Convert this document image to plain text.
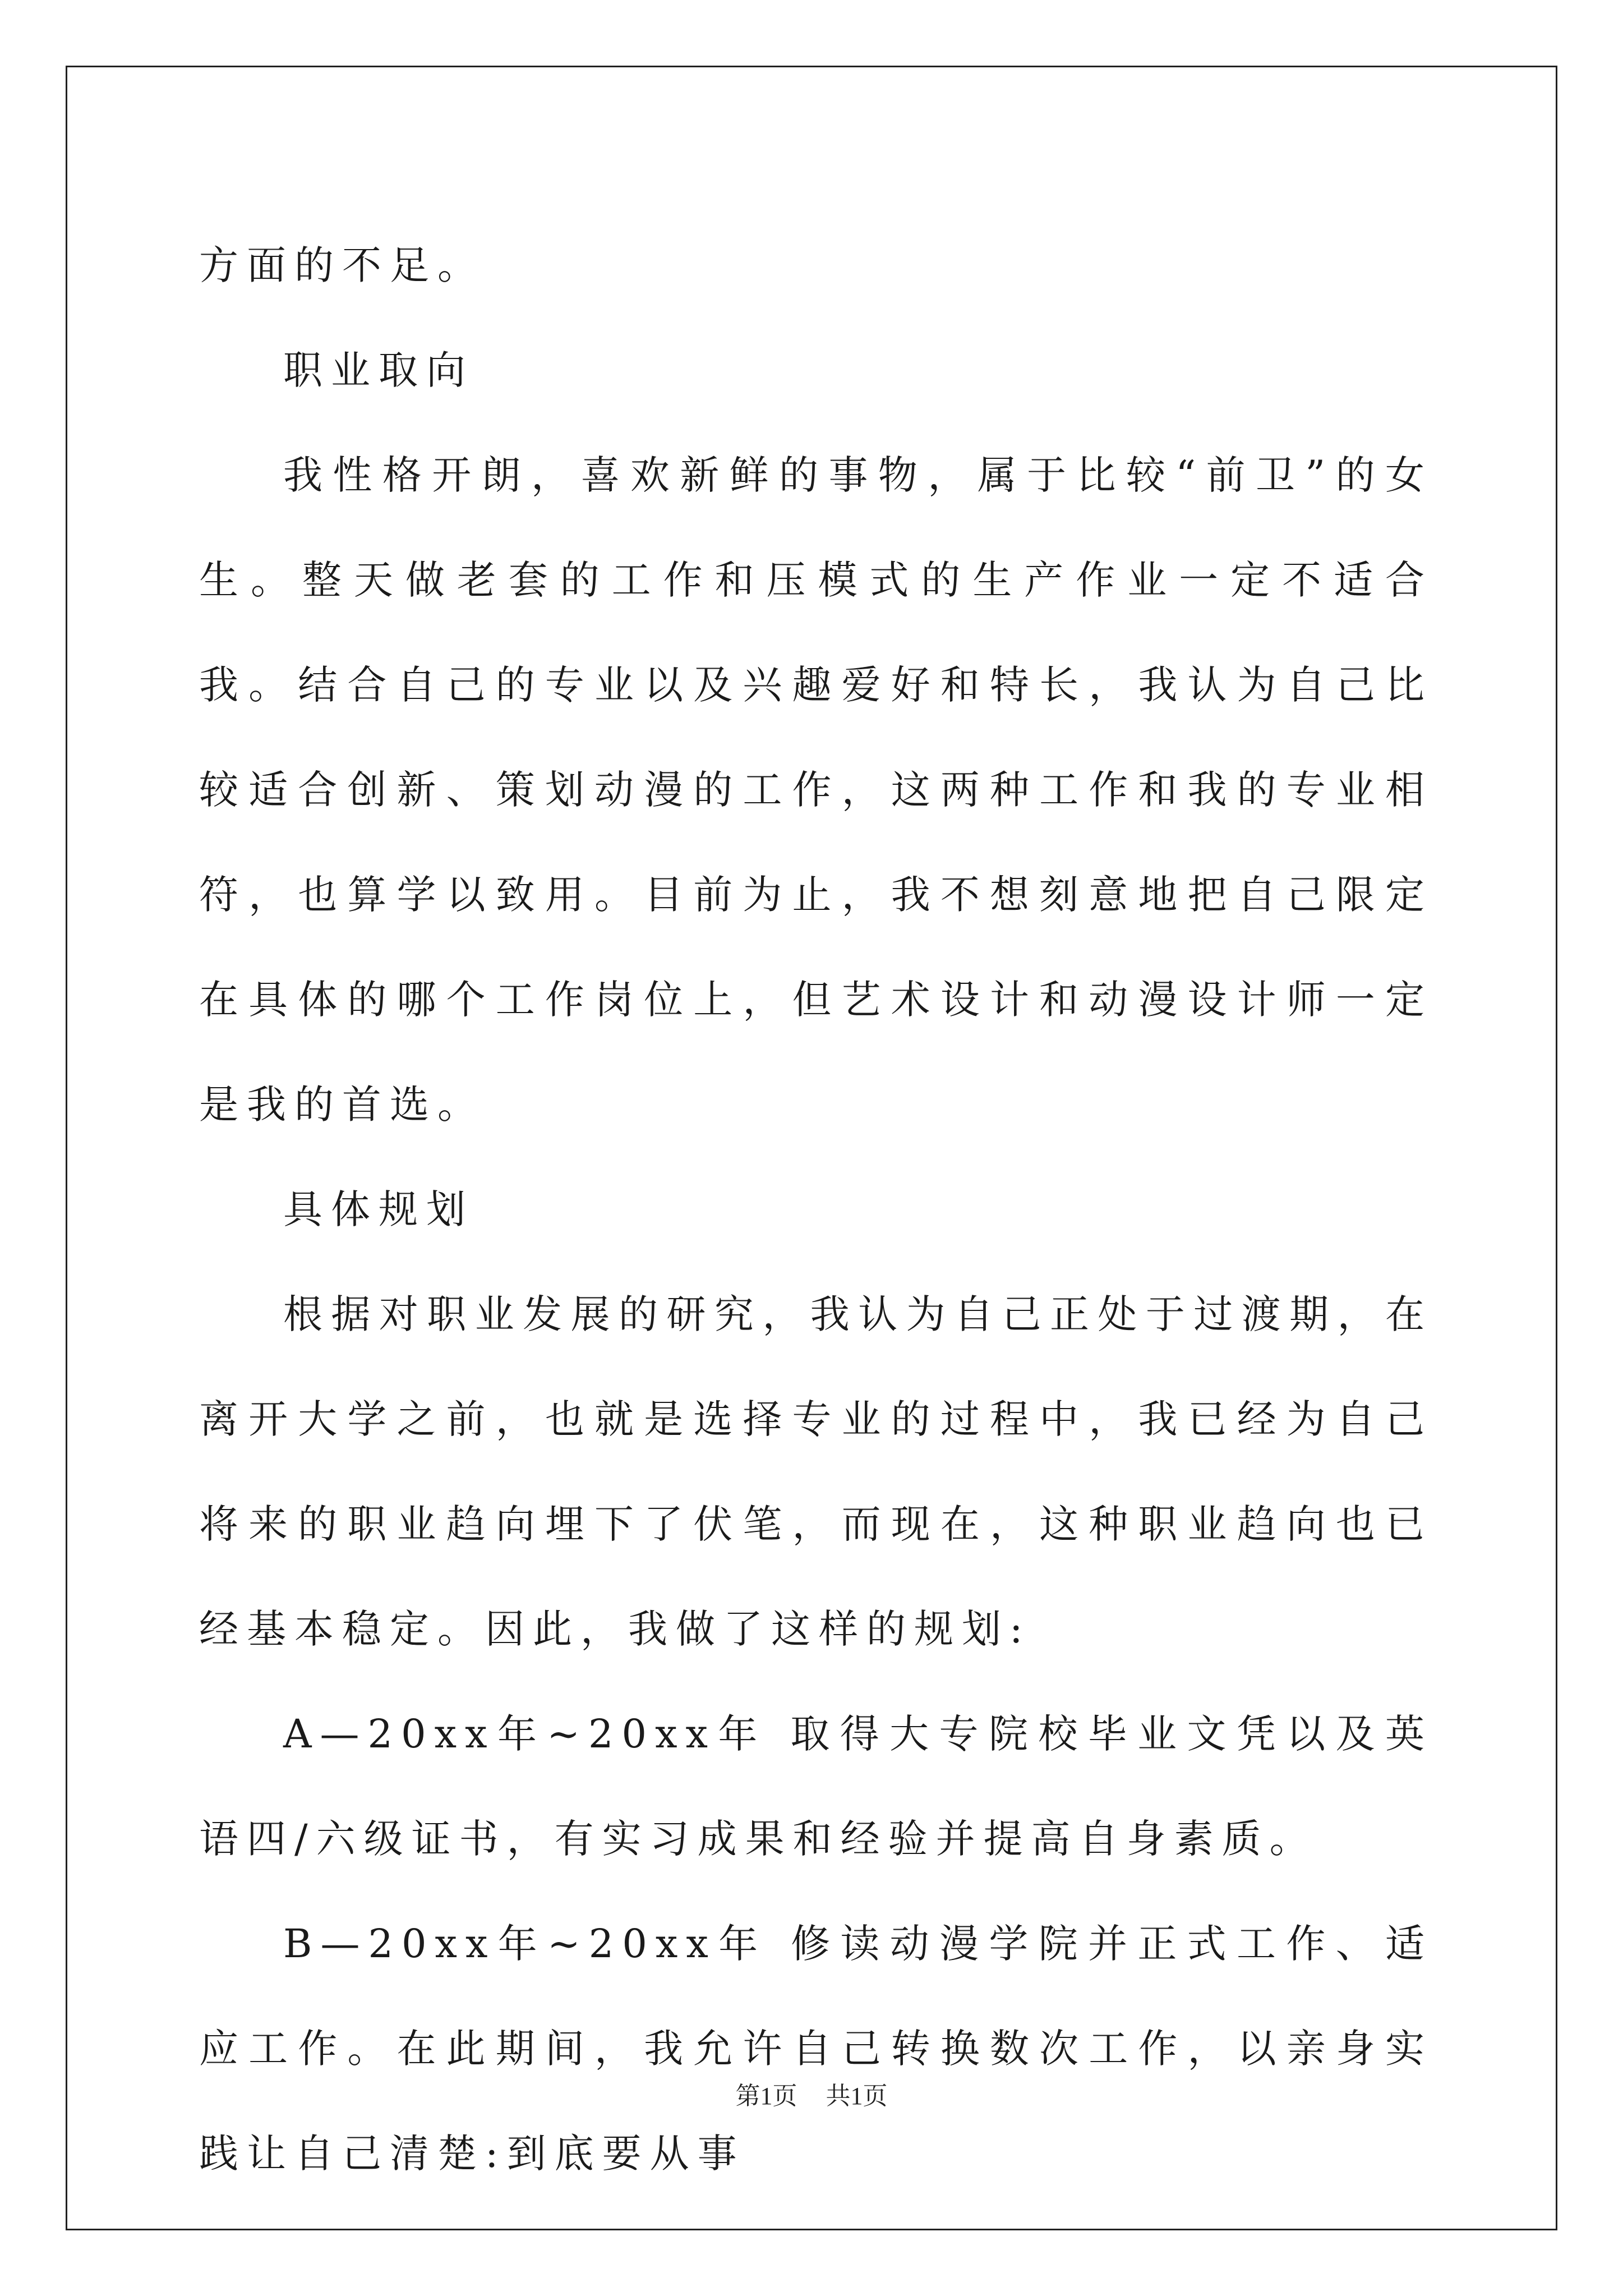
方面的不足。

职业取向

我性格开朗，喜欢新鲜的事物，属于比较“前卫”的女生。整天做老套的工作和压模式的生产作业一定不适合我。结合自己的专业以及兴趣爱好和特长，我认为自己比较适合创新、策划动漫的工作，这两种工作和我的专业相符，也算学以致用。目前为止，我不想刻意地把自己限定在具体的哪个工作岗位上，但艺术设计和动漫设计师一定是我的首选。

具体规划

根据对职业发展的研究，我认为自己正处于过渡期，在离开大学之前，也就是选择专业的过程中，我已经为自己将来的职业趋向埋下了伏笔，而现在，这种职业趋向也已经基本稳定。因此，我做了这样的规划:

A—20xx年~20xx年 取得大专院校毕业文凭以及英语四/六级证书，有实习成果和经验并提高自身素质。

B—20xx年~20xx年 修读动漫学院并正式工作、适应工作。在此期间，我允许自己转换数次工作，以亲身实践让自己清楚:到底要从事

第1页 共1页
